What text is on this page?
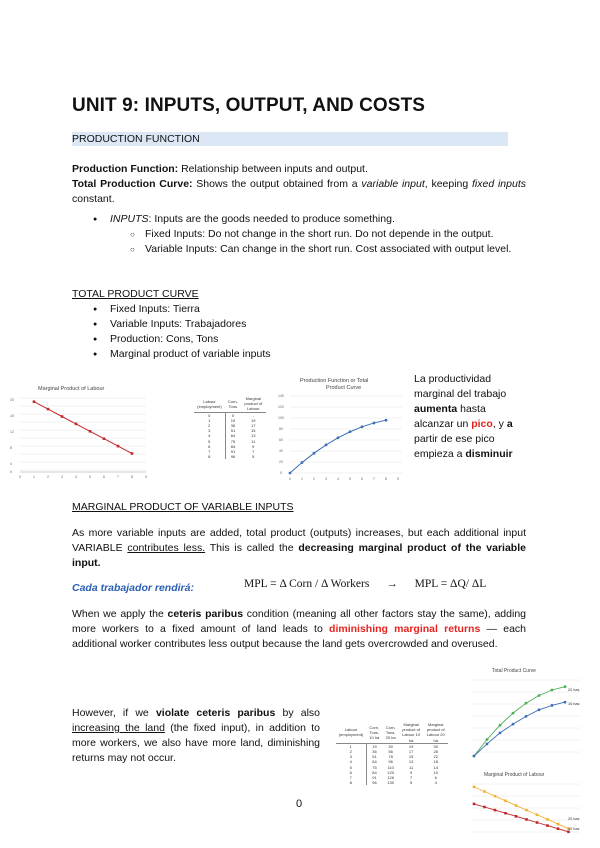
UNIT 9: INPUTS, OUTPUT, AND COSTS
PRODUCTION FUNCTION

Production Function: Relationship between inputs and output.

Total Production Curve: Shows the output obtained from a variable input, keeping fixed inputs constant.

● INPUTS: Inputs are the goods needed to produce something.
○ Fixed Inputs: Do not change in the short run. Do not depende in the output.
○ Variable Inputs: Can change in the short run. Cost associated with output level.

TOTAL PRODUCT CURVE

● Fixed Inputs: Tierra
● Variable Inputs: Trabajadores
● Production: Cons, Tons
● Marginal product of variable inputs
Marginal Product of Labour
0
4
8
12
16
20
0	1	2	3	4	5	6	7	8	9
Labour (employment)	Corn, Tons	Marginal product of Labour
0	0	-
1	19	19
2	36	17
3	51	15
4	64	13
5	75	11
6	84	9
7	91	7
8	96	5
Production Function or Total
Product Curve
0
20
40
60
80
100
120
140
0	1	2	3	4	5	6	7	8	9

La productividad

marginal del trabajo

aumenta hasta

alcanzar un pico, y a

partir de ese pico

empieza a disminuir

MARGINAL PRODUCT OF VARIABLE INPUTS

As more variable inputs are added, total product (outputs) increases, but each additional input VARIABLE contributes less. This is called the decreasing marginal product of the variable input.

Cada trabajador rendirá:	MPL = Δ Corn / Δ Workers → MPL = ΔQ/ ΔL

When we apply the ceteris paribus condition (meaning all other factors stay the same), adding more workers to a fixed amount of land leads to diminishing marginal returns — each additional worker contributes less output because the land gets overcrowded and overused.

However, if we violate ceteris paribus by also increasing the land (the fixed input), in addition to more workers, we also have more land, diminishing returns may not occur.

Labour (employment)	Corn, Tons, 10 ha	Corn, Tons, 20 ha	Marginal product of Labour 10 ha	Marginal product of Labour 20 ha
1	19	30	19	30
2	36	56	17	26
3	51	78	15	22
4	64	96	13	18
5	75	110	11	14
6	84	120	9	10
7	91	126	7	6
8	96	130	5	4
Total Product Curve
20 has
10 has
Marginal Product of Labour
20 has
10 has

0
